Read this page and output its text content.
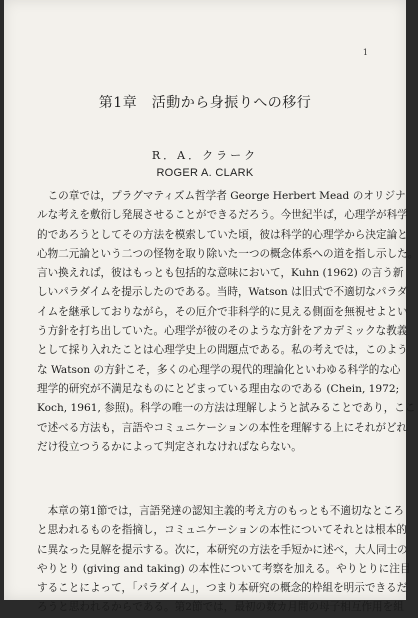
1
第1章　活動から身振りへの移行
R．A．クラーク
ROGER A. CLARK
　この章では，プラグマティズム哲学者 George Herbert Mead のオリジナ
ルな考えを敷衍し発展させることができるだろう。今世紀半ば，心理学が科学
的であろうとしてその方法を模索していた頃，彼は科学的心理学から決定論と
心物二元論という二つの怪物を取り除いた一つの概念体系への道を指し示した。
言い換えれば，彼はもっとも包括的な意味において，Kuhn (1962) の言う新
しいパラダイムを提示したのである。当時，Watson は旧式で不適切なパラダ
イムを継承しておりながら，その厄介で非科学的に見える側面を無視せよとい
う方針を打ち出していた。心理学が彼のそのような方針をアカデミックな教義
として採り入れたことは心理学史上の問題点である。私の考えでは，このよう
な Watson の方針こそ，多くの心理学の現代的理論化といわゆる科学的な心
理学的研究が不満足なものにとどまっている理由なのである (Chein, 1972;
Koch, 1961, 参照)。科学の唯一の方法は理解しようと試みることであり，ここ
で述べる方法も，言語やコミュニケーションの本性を理解する上にそれがどれ
だけ役立つうるかによって判定されなければならない。
　本章の第1節では，言語発達の認知主義的考え方のもっとも不適切なところ
と思われるものを指摘し，コミュニケーションの本性についてそれとは根本的
に異なった見解を提示する。次に，本研究の方法を手短かに述べ，大人同士の
やりとり (giving and taking) の本性について考察を加える。やりとりに注目
することによって，「パラダイム」，つまり本研究の概念的枠組を明示できるだ
ろうと思われるからである。第2節では，最初の数カ月間の母子相互作用を組
